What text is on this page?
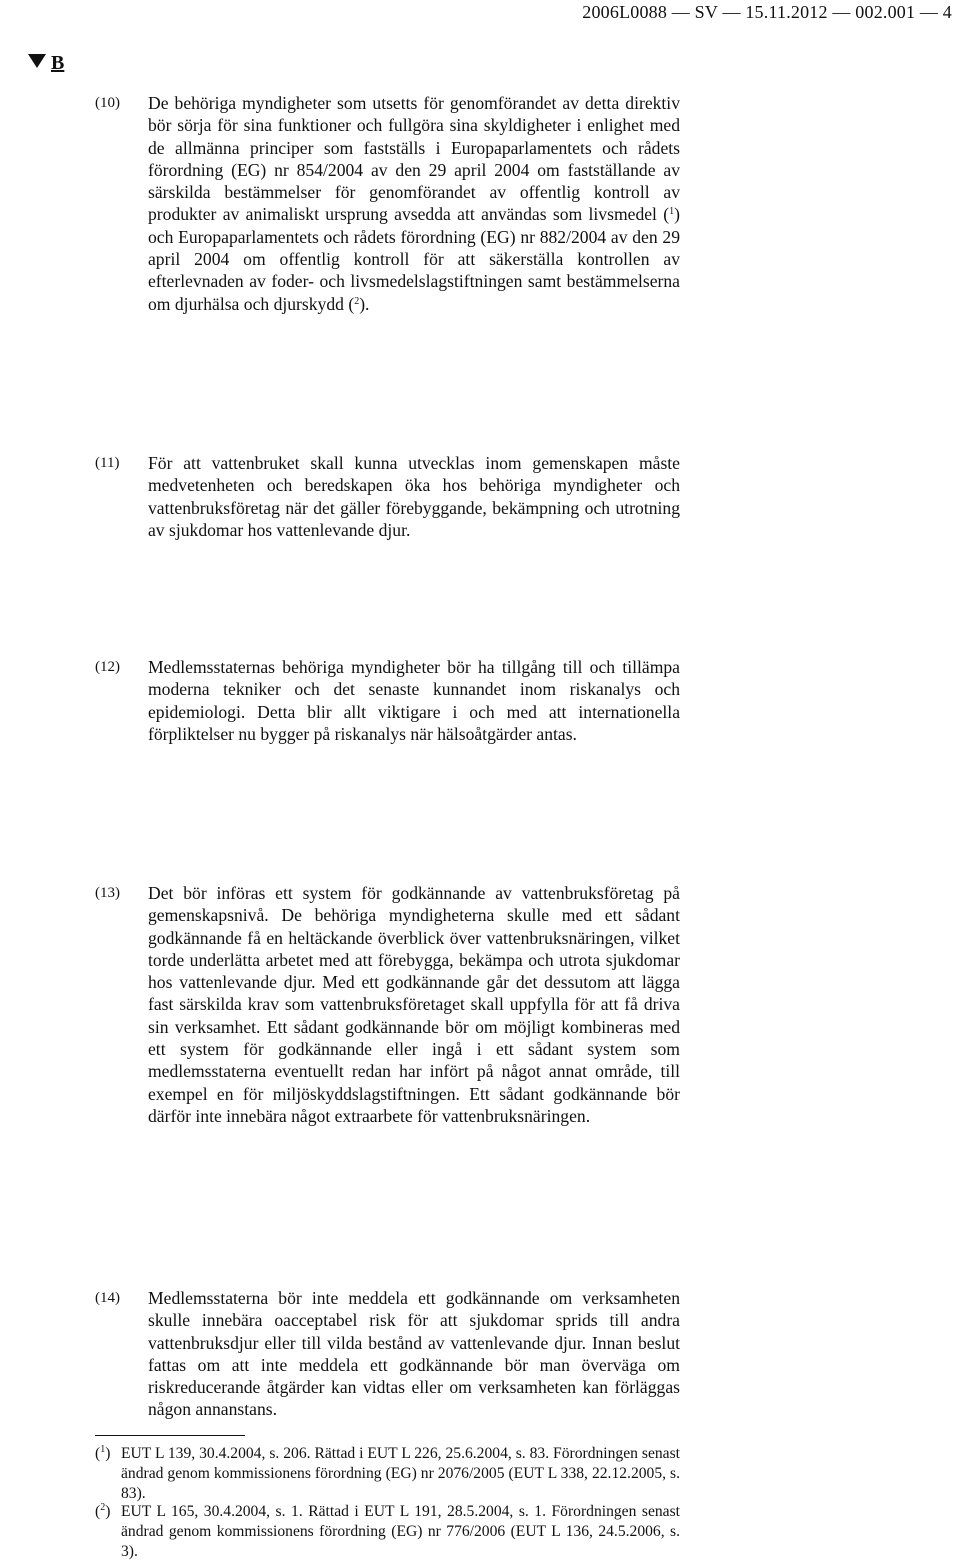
2006L0088 — SV — 15.11.2012 — 002.001 — 4
B
(10) De behöriga myndigheter som utsetts för genomförandet av detta direktiv bör sörja för sina funktioner och fullgöra sina skyldigheter i enlighet med de allmänna principer som fastställs i Europaparlamentets och rådets förordning (EG) nr 854/2004 av den 29 april 2004 om fastställande av särskilda bestämmelser för genomförandet av offentlig kontroll av produkter av animaliskt ursprung avsedda att användas som livsmedel ($^1$) och Europaparlamentets och rådets förordning (EG) nr 882/2004 av den 29 april 2004 om offentlig kontroll för att säkerställa kontrollen av efterlevnaden av foder- och livsmedelslagstiftningen samt bestämmelserna om djurhälsa och djurskydd ($^2$).
(11) För att vattenbruket skall kunna utvecklas inom gemenskapen måste medvetenheten och beredskapen öka hos behöriga myndigheter och vattenbruksföretag när det gäller förebyggande, bekämpning och utrotning av sjukdomar hos vattenlevande djur.
(12) Medlemsstaternas behöriga myndigheter bör ha tillgång till och tillämpa moderna tekniker och det senaste kunnandet inom riskanalys och epidemiologi. Detta blir allt viktigare i och med att internationella förpliktelser nu bygger på riskanalys när hälsoåtgärder antas.
(13) Det bör införas ett system för godkännande av vattenbruksföretag på gemenskapsnivå. De behöriga myndigheterna skulle med ett sådant godkännande få en heltäckande överblick över vattenbruksnäringen, vilket torde underlätta arbetet med att förebygga, bekämpa och utrota sjukdomar hos vattenlevande djur. Med ett godkännande går det dessutom att lägga fast särskilda krav som vattenbruksföretaget skall uppfylla för att få driva sin verksamhet. Ett sådant godkännande bör om möjligt kombineras med ett system för godkännande eller ingå i ett sådant system som medlemsstaterna eventuellt redan har infört på något annat område, till exempel en för miljöskyddslagstiftningen. Ett sådant godkännande bör därför inte innebära något extraarbete för vattenbruksnäringen.
(14) Medlemsstaterna bör inte meddela ett godkännande om verksamheten skulle innebära oacceptabel risk för att sjukdomar sprids till andra vattenbruksdjur eller till vilda bestånd av vattenlevande djur. Innan beslut fattas om att inte meddela ett godkännande bör man överväga om riskreducerande åtgärder kan vidtas eller om verksamheten kan förläggas någon annanstans.
($^1$) EUT L 139, 30.4.2004, s. 206. Rättad i EUT L 226, 25.6.2004, s. 83. Förordningen senast ändrad genom kommissionens förordning (EG) nr 2076/2005 (EUT L 338, 22.12.2005, s. 83).
($^2$) EUT L 165, 30.4.2004, s. 1. Rättad i EUT L 191, 28.5.2004, s. 1. Förordningen senast ändrad genom kommissionens förordning (EG) nr 776/2006 (EUT L 136, 24.5.2006, s. 3).
